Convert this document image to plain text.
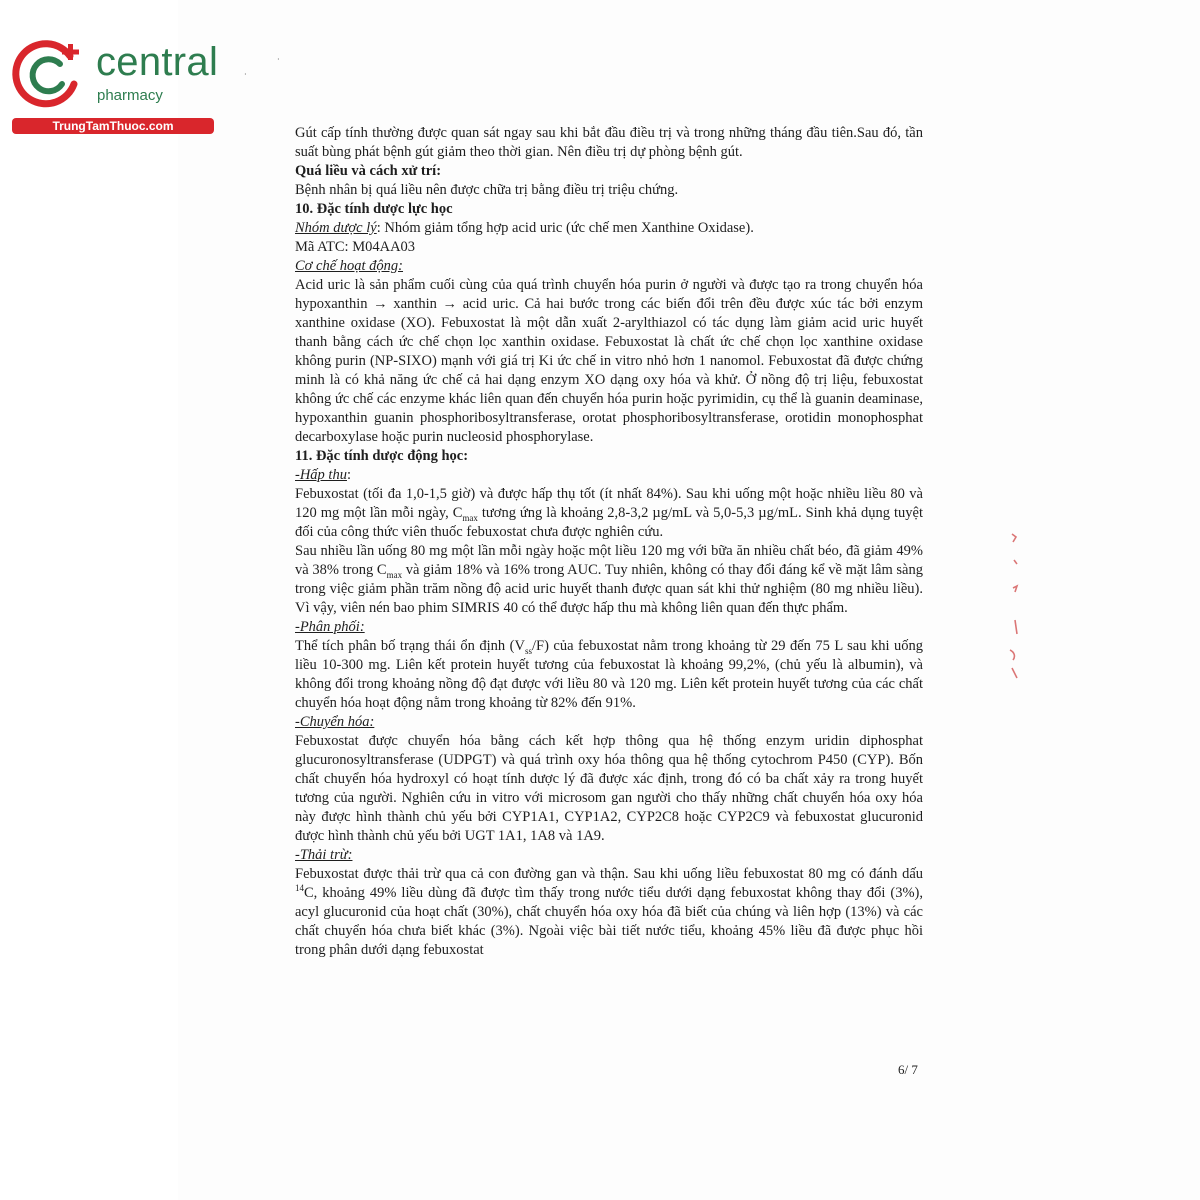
central
pharmacy
TrungTamThuoc.com
·
·

Gút cấp tính thường được quan sát ngay sau khi bắt đầu điều trị và trong những tháng đầu tiên.Sau đó, tần suất bùng phát bệnh gút giảm theo thời gian. Nên điều trị dự phòng bệnh gút.

Quá liều và cách xử trí:

Bệnh nhân bị quá liều nên được chữa trị bằng điều trị triệu chứng.

10. Đặc tính dược lực học

Nhóm dược lý: Nhóm giảm tổng hợp acid uric (ức chế men Xanthine Oxidase).

Mã ATC: M04AA03

Cơ chế hoạt động:

Acid uric là sản phẩm cuối cùng của quá trình chuyển hóa purin ở người và được tạo ra trong chuyển hóa hypoxanthin → xanthin → acid uric. Cả hai bước trong các biến đổi trên đều được xúc tác bởi enzym xanthine oxidase (XO). Febuxostat là một dẫn xuất 2-arylthiazol có tác dụng làm giảm acid uric huyết thanh bằng cách ức chế chọn lọc xanthin oxidase. Febuxostat là chất ức chế chọn lọc xanthine oxidase không purin (NP-SIXO) mạnh với giá trị Ki ức chế in vitro nhỏ hơn 1 nanomol. Febuxostat đã được chứng minh là có khả năng ức chế cả hai dạng enzym XO dạng oxy hóa và khử. Ở nồng độ trị liệu, febuxostat không ức chế các enzyme khác liên quan đến chuyển hóa purin hoặc pyrimidin, cụ thể là guanin deaminase, hypoxanthin guanin phosphoribosyltransferase, orotat phosphoribosyltransferase, orotidin monophosphat decarboxylase hoặc purin nucleosid phosphorylase.

11. Đặc tính dược động học:

-Hấp thu:

Febuxostat (tối đa 1,0-1,5 giờ) và được hấp thụ tốt (ít nhất 84%). Sau khi uống một hoặc nhiều liều 80 và 120 mg một lần mỗi ngày, $C_{max}$ tương ứng là khoảng 2,8-3,2 µg/mL và 5,0-5,3 µg/mL. Sinh khả dụng tuyệt đối của công thức viên thuốc febuxostat chưa được nghiên cứu.

Sau nhiều lần uống 80 mg một lần mỗi ngày hoặc một liều 120 mg với bữa ăn nhiều chất béo, đã giảm 49% và 38% trong $C_{max}$ và giảm 18% và 16% trong AUC. Tuy nhiên, không có thay đổi đáng kể về mặt lâm sàng trong việc giảm phần trăm nồng độ acid uric huyết thanh được quan sát khi thử nghiệm (80 mg nhiều liều). Vì vậy, viên nén bao phim SIMRIS 40 có thể được hấp thu mà không liên quan đến thực phẩm.

-Phân phối:

Thể tích phân bố trạng thái ổn định $(V_{ss}/F)$ của febuxostat nằm trong khoảng từ 29 đến 75 L sau khi uống liều 10-300 mg. Liên kết protein huyết tương của febuxostat là khoảng 99,2%, (chủ yếu là albumin), và không đổi trong khoảng nồng độ đạt được với liều 80 và 120 mg. Liên kết protein huyết tương của các chất chuyển hóa hoạt động nằm trong khoảng từ 82% đến 91%.

-Chuyển hóa:

Febuxostat được chuyển hóa bằng cách kết hợp thông qua hệ thống enzym uridin diphosphat glucuronosyltransferase (UDPGT) và quá trình oxy hóa thông qua hệ thống cytochrom P450 (CYP). Bốn chất chuyển hóa hydroxyl có hoạt tính dược lý đã được xác định, trong đó có ba chất xảy ra trong huyết tương của người. Nghiên cứu in vitro với microsom gan người cho thấy những chất chuyển hóa oxy hóa này được hình thành chủ yếu bởi CYP1A1, CYP1A2, CYP2C8 hoặc CYP2C9 và febuxostat glucuronid được hình thành chủ yếu bởi UGT 1A1, 1A8 và 1A9.

-Thải trừ:

Febuxostat được thải trừ qua cả con đường gan và thận. Sau khi uống liều febuxostat 80 mg có đánh dấu $^{14}$C, khoảng 49% liều dùng đã được tìm thấy trong nước tiểu dưới dạng febuxostat không thay đổi (3%), acyl glucuronid của hoạt chất (30%), chất chuyển hóa oxy hóa đã biết của chúng và liên hợp (13%) và các chất chuyển hóa chưa biết khác (3%). Ngoài việc bài tiết nước tiểu, khoảng 45% liều đã được phục hồi trong phân dưới dạng febuxostat

6/ 7
